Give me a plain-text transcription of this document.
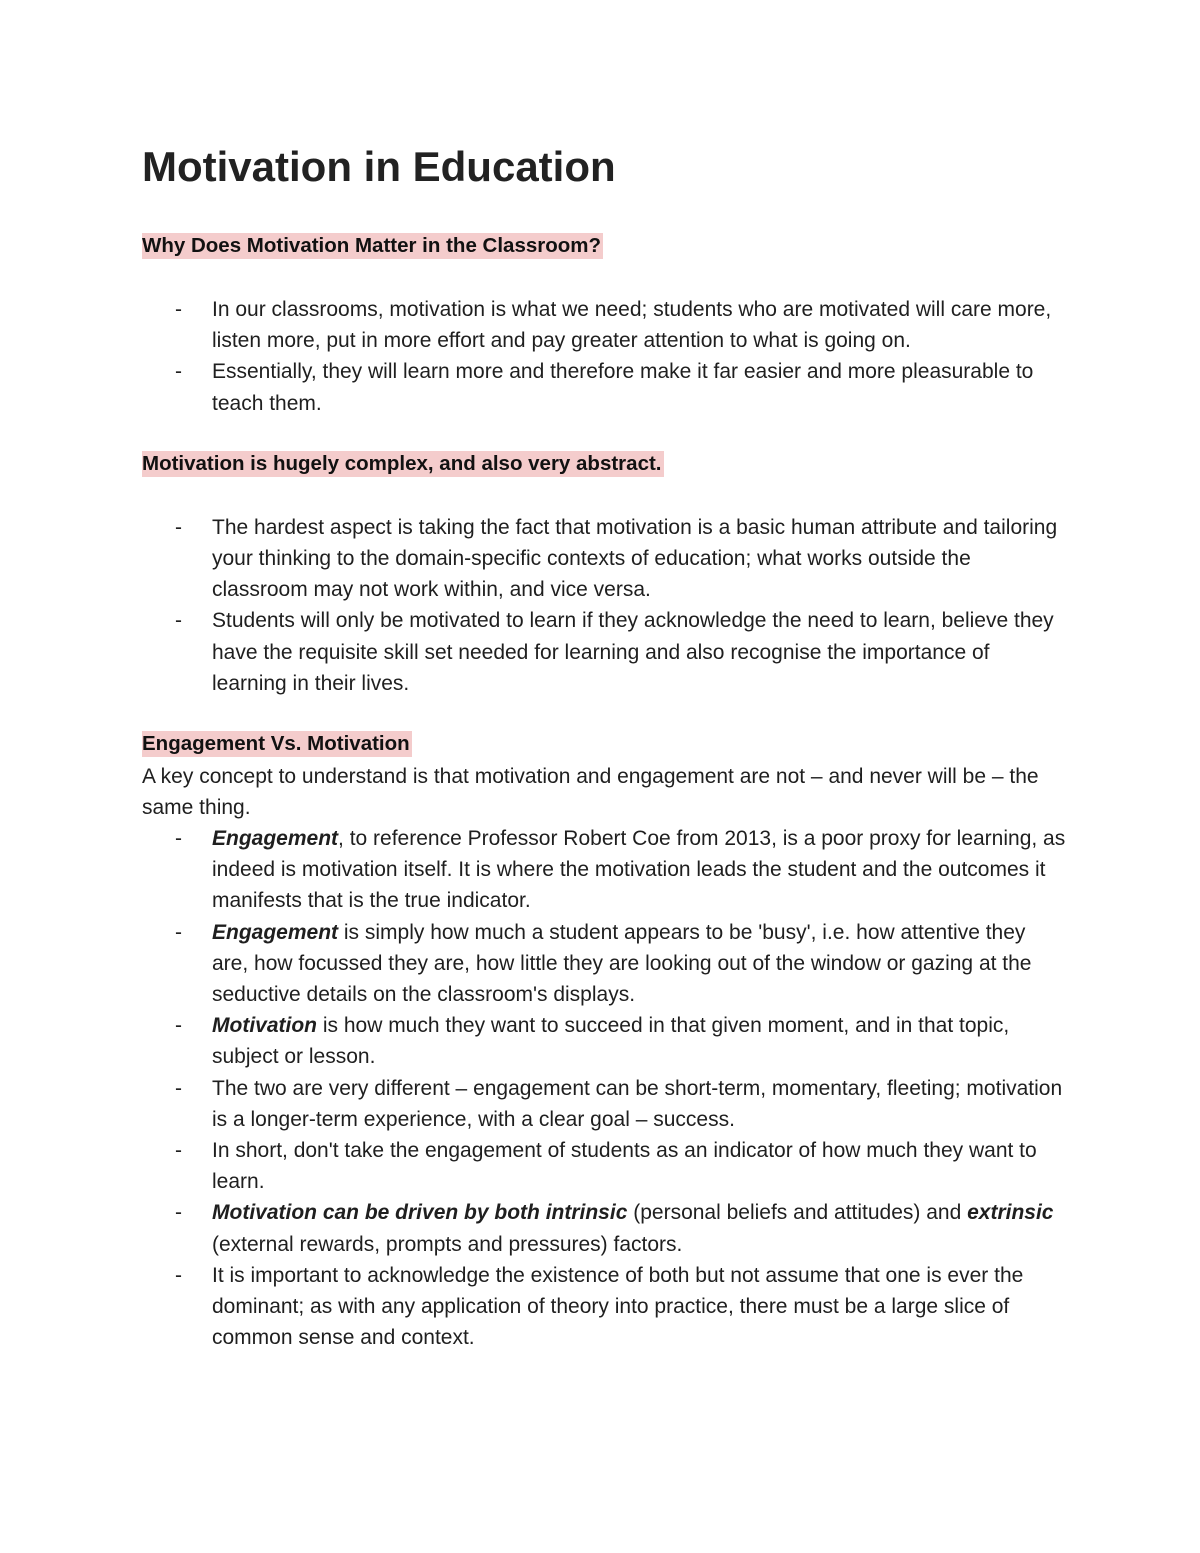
Motivation in Education
Why Does Motivation Matter in the Classroom?
- In our classrooms, motivation is what we need; students who are motivated will care more, listen more, put in more effort and pay greater attention to what is going on.
- Essentially, they will learn more and therefore make it far easier and more pleasurable to teach them.
Motivation is hugely complex, and also very abstract.
- The hardest aspect is taking the fact that motivation is a basic human attribute and tailoring your thinking to the domain-specific contexts of education; what works outside the classroom may not work within, and vice versa.
- Students will only be motivated to learn if they acknowledge the need to learn, believe they have the requisite skill set needed for learning and also recognise the importance of learning in their lives.
Engagement Vs. Motivation

A key concept to understand is that motivation and engagement are not – and never will be – the same thing.

- Engagement, to reference Professor Robert Coe from 2013, is a poor proxy for learning, as indeed is motivation itself. It is where the motivation leads the student and the outcomes it manifests that is the true indicator.
- Engagement is simply how much a student appears to be 'busy', i.e. how attentive they are, how focussed they are, how little they are looking out of the window or gazing at the seductive details on the classroom's displays.
- Motivation is how much they want to succeed in that given moment, and in that topic, subject or lesson.
- The two are very different – engagement can be short-term, momentary, fleeting; motivation is a longer-term experience, with a clear goal – success.
- In short, don't take the engagement of students as an indicator of how much they want to learn.
- Motivation can be driven by both intrinsic (personal beliefs and attitudes) and extrinsic (external rewards, prompts and pressures) factors.
- It is important to acknowledge the existence of both but not assume that one is ever the dominant; as with any application of theory into practice, there must be a large slice of common sense and context.
